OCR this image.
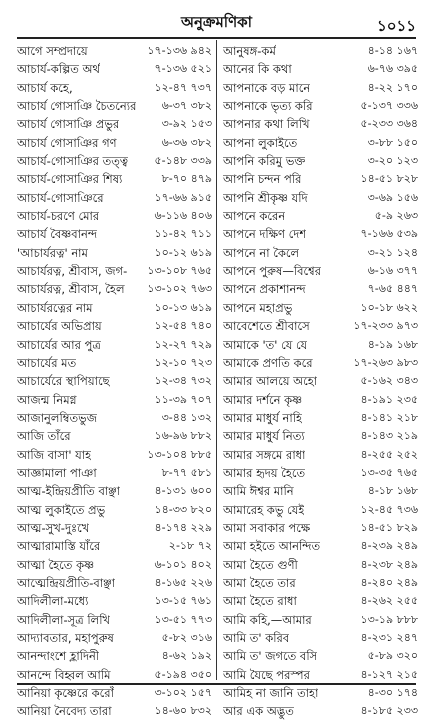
অনুক্রমণিকা	১০১১
আগে সম্প্রদায়ে	১৭-১৩৬ ৯৪২
আচার্য-কল্পিত অর্থ	৭-১৩৬ ৫২১
আচার্য কহে,	১২-৪৭ ৭৩৭
আচার্য গোসাঞি চৈতন্যের ৬-৩৭ ৩৮২
আচার্য গোসাঞি প্রভুর	৩-৯২ ১৫৩
আচার্য গোসাঞির গণ	৬-৩৬ ৩৮২
আচার্য-গোসাঞির তত্ত্ব ৫-১৪৮ ৩৩৯
আচার্য-গোসাঞির শিষ্য	৮-৭০ ৪৭৯
আচার্য-গোসাঞিরে	১৭-৬৬ ৯১৫
আচার্য-চরণে মোর	৬-১১৬ ৪০৬
আচার্য বৈষ্ণবানন্দ	১১-৪২ ৭১১
'আচার্যরত্ন' নাম	১০-১২ ৬১৯
আচার্যরত্ন, শ্রীবাস, জগ- ১৩-১০৮ ৭৬৫
আচার্যরত্ন, শ্রীবাস, হৈল ১৩-১০২ ৭৬৩
আচার্যরত্নের নাম	১০-১৩ ৬১৯
আচার্যের অভিপ্রায়	১২-৫৪ ৭৪০
আচার্যের আর পুত্র	১২-২৭ ৭২৯
আচার্যের মত	১২-১০ ৭২৩
আচার্যেরে স্থাপিয়াছে	১২-৩৪ ৭৩২
আজন্ম নিমগ্ন	১১-৩৯ ৭০৭
আজানুলম্বিতভুজ	৩-৪৪ ১৩২
আজি তাঁরে	১৬-৯৬ ৮৮২
আজি বাসা' যাহ	১৩-১০৪ ৮৮৫
আজ্ঞামালা পাঞা	৮-৭৭ ৫৮১
আত্ম-ইন্দ্রিয়প্রীতি বাঞ্ছা	৪-১৩১ ৬০০
আত্ম লুকাইতে প্রভু	১৪-৩৩ ৮২০
আত্ম-সুখ-দুঃখে	৪-১৭৪ ২২৯
আত্মারামাস্তি যাঁরে	২-১৮ ৭২
আত্মা হৈতে কৃষ্ণ	৬-১০১ ৪০২
আত্মেন্দ্রিয়প্রীতি-বাঞ্ছা	৪-১৬৫ ২২৬
আদিলীলা-মধ্যে	১৩-১৫ ৭৬১
আদিলীলা-সূত্র লিখি	১৩-৫১ ৭৭৩
আদ্যাবতার, মহাপুরুষ	৫-৮২ ৩১৬
আনন্দাংশে হ্লাদিনী	৪-৬২ ১৯২
আনন্দে বিহ্বল আমি	৫-১৯৪ ৩৫০
আনিয়া কৃষ্ণেরে করোঁ	৩-১০২ ১৫৭
আনিয়া নৈবেদ্য তারা	১৪-৬০ ৮৩২
আনুষঙ্গ-কর্ম	৪-১৪ ১৬৭
আনের কি কথা	৬-৭৬ ৩৯৫
আপনাকে বড় মানে	৪-২২ ১৭০
আপনাকে ভৃত্য করি	৫-১৩৭ ৩৩৬
আপনার কথা লিখি	৫-২৩৩ ৩৬৪
আপনা লুকাইতে	৩-৮৮ ১৫০
আপনি করিমু ভক্ত	৩-২০ ১২৩
আপনি চন্দন পরি	১৪-৫১ ৮২৮
আপনি শ্রীকৃষ্ণ যদি	৩-৬৯ ১৫৬
আপনে করেন	৫-৯ ২৬৩
আপনে দক্ষিণ দেশ	৭-১৬৬ ৫৩৯
আপনে না কৈলে	৩-২১ ১২৪
আপনে পুরুষ—বিশ্বের	৬-১৬ ৩৭৭
আপনে প্রকাশানন্দ	৭-৬৫ ৪৪৭
আপনে মহাপ্রভু	১০-১৮ ৬২২
আবেশেতে শ্রীবাসে	১৭-২৩৩ ৯৭৩
আমাকে 'ত' যে যে	৪-১৯ ১৬৮
আমাকে প্রণতি করে	১৭-২৬৩ ৯৮৩
আমার আলয়ে অহো	৫-১৬২ ৩৪৩
আমার দর্শনে কৃষ্ণ	৪-১৯১ ২৩৫
আমার মাধুর্য নাহি	৪-১৪১ ২১৮
আমার মাধুর্য নিত্য	৪-১৪৩ ২১৯
আমার সঙ্গমে রাধা	৪-২৫৫ ২৫২
আমার হৃদয় হৈতে	১৩-৩৫ ৭৬৫
আমি ঈশ্বর মানি	৪-১৮ ১৬৮
আমারেহ কভু যেই	১২-৪৫ ৭৩৬
আমা সবাকার পক্ষে	১৪-৫১ ৮২৯
আমা হইতে আনন্দিত	৪-২৩৯ ২৪৯
আমা হৈতে গুণী	৪-২৩৮ ২৪৯
আমা হৈতে তার	৪-২৪০ ২৪৯
আমা হৈতে রাধা	৪-২৬২ ২৫৫
আমি কহি,—আমার	১৩-১৯ ৮৮৮
আমি ত' করিব	৪-২৩১ ২৪৭
আমি ত' জগতে বসি	৫-৮৯ ৩২০
আমি যৈছে পরস্পর	৪-১২৭ ২১৫
আমিহ না জানি তাহা	৪-৩০ ১৭৪
আর এক অদ্ভুত	৪-১৮৫ ২৩৩
